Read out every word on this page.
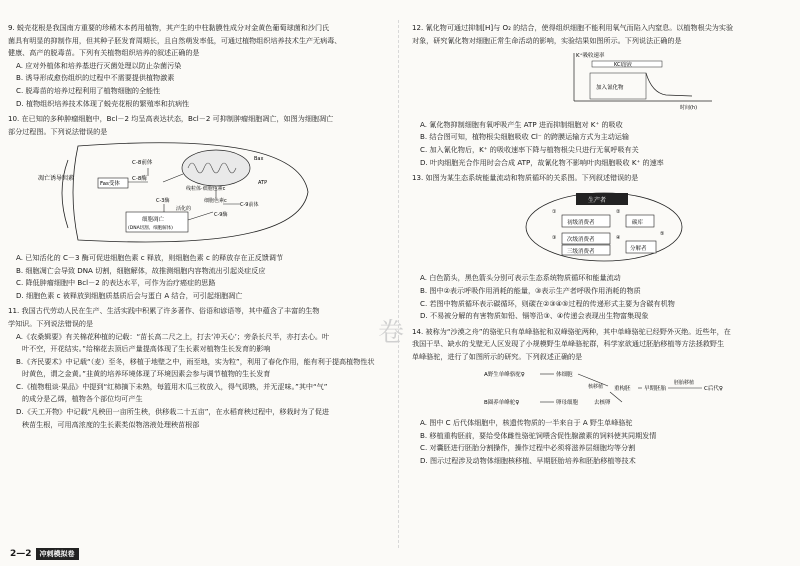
卷
9. 蜕壳花根是我国南方重要的珍稀木本药用植物，其产生的中柱黏膜性成分对金黄色葡萄球菌和沙门氏
菌具有明显的抑制作用，但其种子胚发育周期长，且自然萌发率低，可通过植物组织培养技术生产无病毒、
健康、高产的脱毒苗。下列有关植物组织培养的叙述正确的是
A. 应对外植体和培养基进行灭菌处理以防止杂菌污染
B. 诱导形成愈伤组织的过程中不需要提供植物激素
C. 脱毒苗的培养过程利用了植物细胞的全能性
D. 植物组织培养技术体现了蜕壳花根的繁殖率和抗病性
10. 在已知的多种肿瘤细胞中，Bcl－2 均呈高表达状态，Bcl－2 可抑制肿瘤细胞凋亡，如图为细胞凋亡
部分过程图。下列说法错误的是
凋亡诱导因素
Fas受体
C-8前体
C-8酶
线粒体·细胞色素c
Bax
ATP
细胞色素c
活化的
C-9前体
C-9酶
C-3酶
细胞凋亡
(DNA切割、细胞解体)
A. 已知活化的 C－3 酶可促进细胞色素 c 释放，则细胞色素 c 的释放存在正反馈调节
B. 细胞凋亡会导致 DNA 切割，细胞解体，故推测细胞内容物流出引起炎症反应
C. 降低肿瘤细胞中 Bcl－2 的表达水平，可作为治疗癌症的思路
D. 细胞色素 c 被释放到细胞质基质后会与蛋白 A 结合，可引起细胞凋亡
11. 我国古代劳动人民在生产、生活实践中积累了许多著作、俗语和谚语等，其中蕴含了丰富的生物
学知识。下列说法错误的是
A.《农桑辑要》有关棉花种植的记载：“苗长高二尺之上，打去‘冲天心’；旁条长尺半，亦打去心。叶
叶不空，开花结实。”给棉花去顶后产量提高体现了生长素对植物生长发育的影响
B.《齐民要术》中记载“（麦）至冬，移植于地壁之中，雨至地，实为粒”，利用了春化作用，能有利于提高植物性状
时黄色，谓之金黄。”韭黄的培养环境体现了环境因素会参与调节植物的生长发育
C.《植物粗谈·果品》中提到“红柿摘下未熟，每篮用木瓜三枚放入，得气即熟，并无涩味。”其中“气”
的成分是乙烯，植物各个部位均可产生
D.《天工开物》中记载“凡秧田一亩所生秧，供移栽二十五亩”，在水稻育秧过程中，移栽时为了促进
秧苗生根，可用高浓度的生长素类似物溶液处理秧苗根部
12. 氰化物可通过抑制[H]与 O₂ 的结合，使得组织细胞不能利用氧气而陷入内窒息。以植物根尖为实验
对象，研究氰化物对细胞正常生命活动的影响，实验结果如图所示。下列说法正确的是
K⁺吸收速率
KCl溶液
加入氰化物
时间(h)
A. 氰化物抑制细胞有氧呼吸产生 ATP 进而抑制细胞对 K⁺ 的吸收
B. 结合图可知，植物根尖细胞吸收 Cl⁻ 的跨膜运输方式为主动运输
C. 加入氰化物后，K⁺ 的吸收速率下降与植物根尖只进行无氧呼吸有关
D. 叶肉细胞光合作用时会合成 ATP，故氰化物不影响叶肉细胞吸收 K⁺ 的速率
13. 如图为某生态系统能量流动和物质循环的关系图。下列叙述错误的是
生产者
初级消费者
次级消费者
三级消费者
碳库
分解者
①	②
③	④
⑤
A. 白色箭头，黑色箭头分别可表示生态系统物质循环和能量流动
B. 图中②表示呼吸作用消耗的能量，③表示生产者呼吸作用消耗的物质
C. 若图中物质循环表示碳循环，则碳在②③④⑤过程的传递形式主要为含碳有机物
D. 不易被分解的有害物质如铅、镉等沿③、④传递会表现出生物富集现象
14. 被称为“沙漠之舟”的骆驼只有单峰骆驼和双峰骆驼两种，其中单峰骆驼已经野外灭绝。近些年，在
我国干旱、缺水的戈壁无人区发现了小规模野生单峰骆驼群，科学家欲通过胚胎移植等方法拯救野生
单峰骆驼，进行了如图所示的研究。下列叙述正确的是
A野生单峰骆驼♀	体细胞
B圈养单峰驼♀	卵母细胞	去核卵
核移植 重构胚 早期胚胎
胚胎移植
C后代♀
A. 图中 C 后代体细胞中，核遗传物质的一半来自于 A 野生单峰骆驼
B. 移植重构胚前，要给受体雌性骆驼饲喂含促性腺激素的饲料使其同期发情
C. 对囊胚进行胚胎分割操作，操作过程中必须将滋养层细胞均等分割
D. 图示过程涉及动物体细胞核移植、早期胚胎培养和胚胎移植等技术
2—2	冲刺模拟卷
